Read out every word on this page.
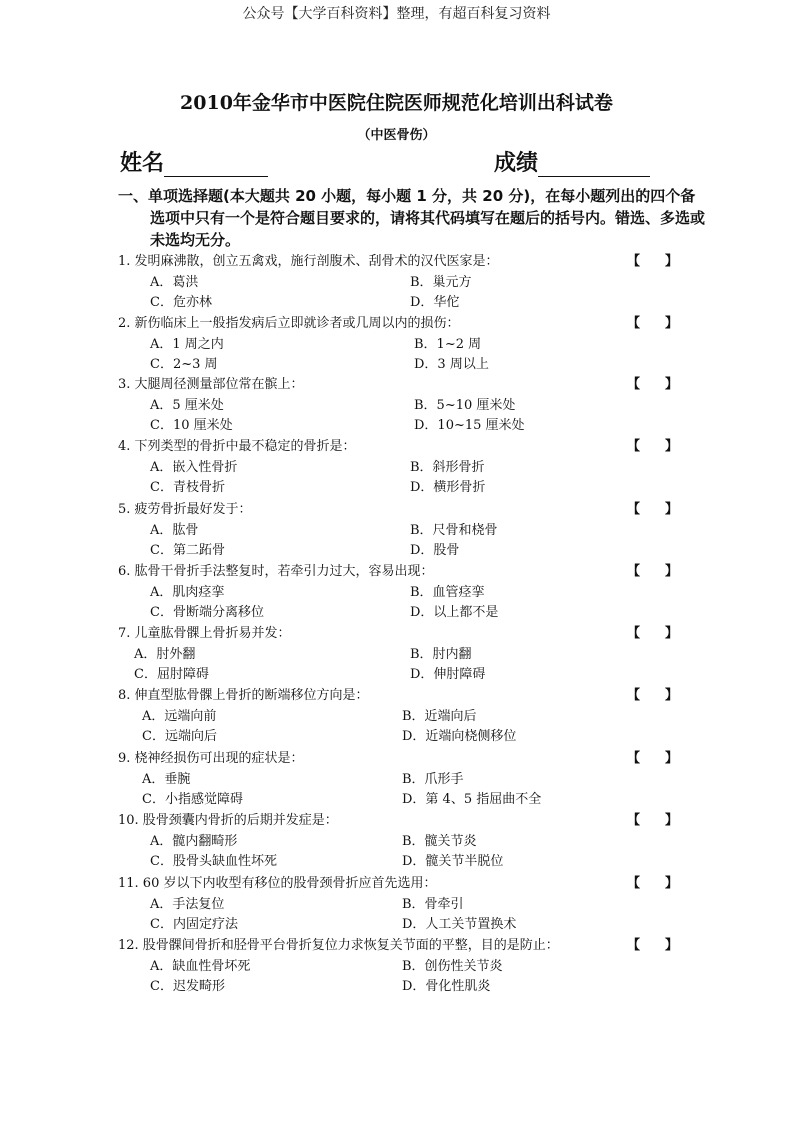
公众号【大学百科资料】整理，有超百科复习资料
2010年金华市中医院住院医师规范化培训出科试卷
（中医骨伤）
姓名	成绩
一、单项选择题(本大题共 20 小题，每小题 1 分，共 20 分)，在每小题列出的四个备选项中只有一个是符合题目要求的，请将其代码填写在题后的括号内。错选、多选或未选均无分。
1. 发明麻沸散，创立五禽戏，施行剖腹术、刮骨术的汉代医家是：	【 】
A．葛洪	B．巢元方
C．危亦林	D．华佗
2. 新伤临床上一般指发病后立即就诊者或几周以内的损伤：	【 】
A．1 周之内	B．1~2 周
C．2~3 周	D．3 周以上
3. 大腿周径测量部位常在髌上：	【 】
A．5 厘米处	B．5~10 厘米处
C．10 厘米处	D．10~15 厘米处
4. 下列类型的骨折中最不稳定的骨折是：	【 】
A．嵌入性骨折	B．斜形骨折
C．青枝骨折	D．横形骨折
5. 疲劳骨折最好发于：	【 】
A．肱骨	B．尺骨和桡骨
C．第二跖骨	D．股骨
6. 肱骨干骨折手法整复时，若牵引力过大，容易出现：	【 】
A．肌肉痉挛	B．血管痉挛
C．骨断端分离移位	D．以上都不是
7. 儿童肱骨髁上骨折易并发：	【 】
A．肘外翻	B．肘内翻
C．屈肘障碍	D．伸肘障碍
8. 伸直型肱骨髁上骨折的断端移位方向是：	【 】
A．远端向前	B．近端向后
C．远端向后	D．近端向桡侧移位
9. 桡神经损伤可出现的症状是：	【 】
A．垂腕	B．爪形手
C．小指感觉障碍	D．第 4、5 指屈曲不全
10. 股骨颈囊内骨折的后期并发症是：	【 】
A．髋内翻畸形	B．髋关节炎
C．股骨头缺血性坏死	D．髋关节半脱位
11. 60 岁以下内收型有移位的股骨颈骨折应首先选用：	【 】
A．手法复位	B．骨牵引
C．内固定疗法	D．人工关节置换术
12. 股骨髁间骨折和胫骨平台骨折复位力求恢复关节面的平整，目的是防止：	【 】
A．缺血性骨坏死	B．创伤性关节炎
C．迟发畸形	D．骨化性肌炎
